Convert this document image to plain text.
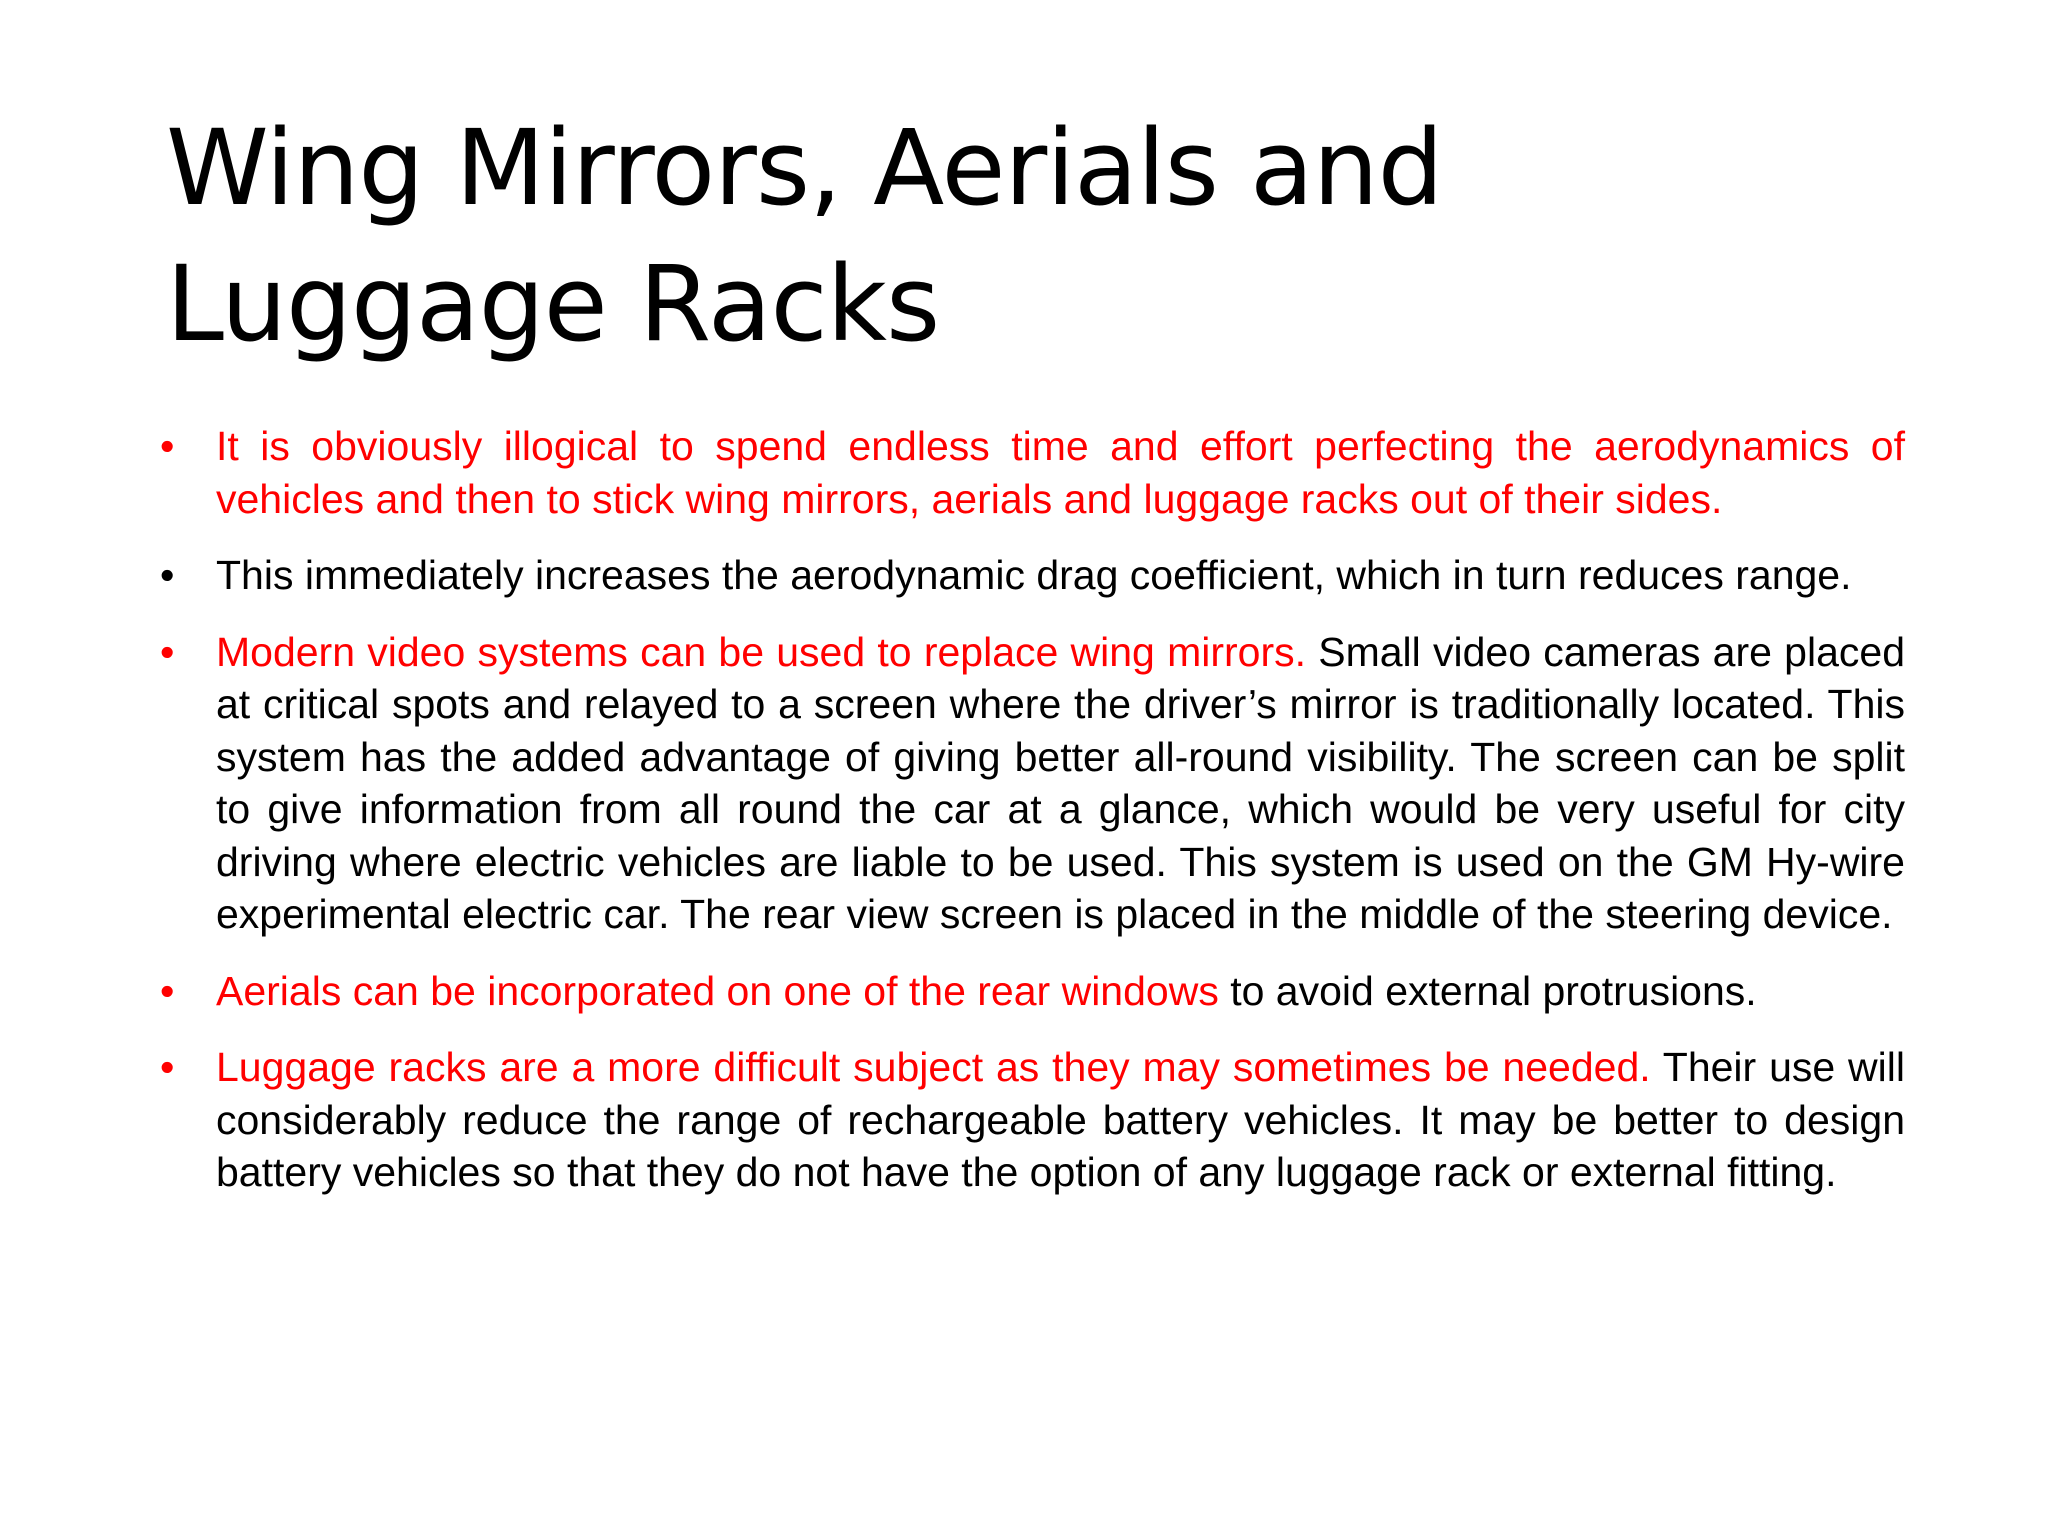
Wing Mirrors, Aerials and Luggage Racks
•	It is obviously illogical to spend endless time and effort perfecting the aerodynamics of vehicles and then to stick wing mirrors, aerials and luggage racks out of their sides.
•	This immediately increases the aerodynamic drag coefficient, which in turn reduces range.
•	Modern video systems can be used to replace wing mirrors. Small video cameras are placed at critical spots and relayed to a screen where the driver’s mirror is traditionally located. This system has the added advantage of giving better all-round visibility. The screen can be split to give information from all round the car at a glance, which would be very useful for city driving where electric vehicles are liable to be used. This system is used on the GM Hy-wire experimental electric car. The rear view screen is placed in the middle of the steering device.
•	Aerials can be incorporated on one of the rear windows to avoid external protrusions.
•	Luggage racks are a more difficult subject as they may sometimes be needed. Their use will considerably reduce the range of rechargeable battery vehicles. It may be better to design battery vehicles so that they do not have the option of any luggage rack or external fitting.
